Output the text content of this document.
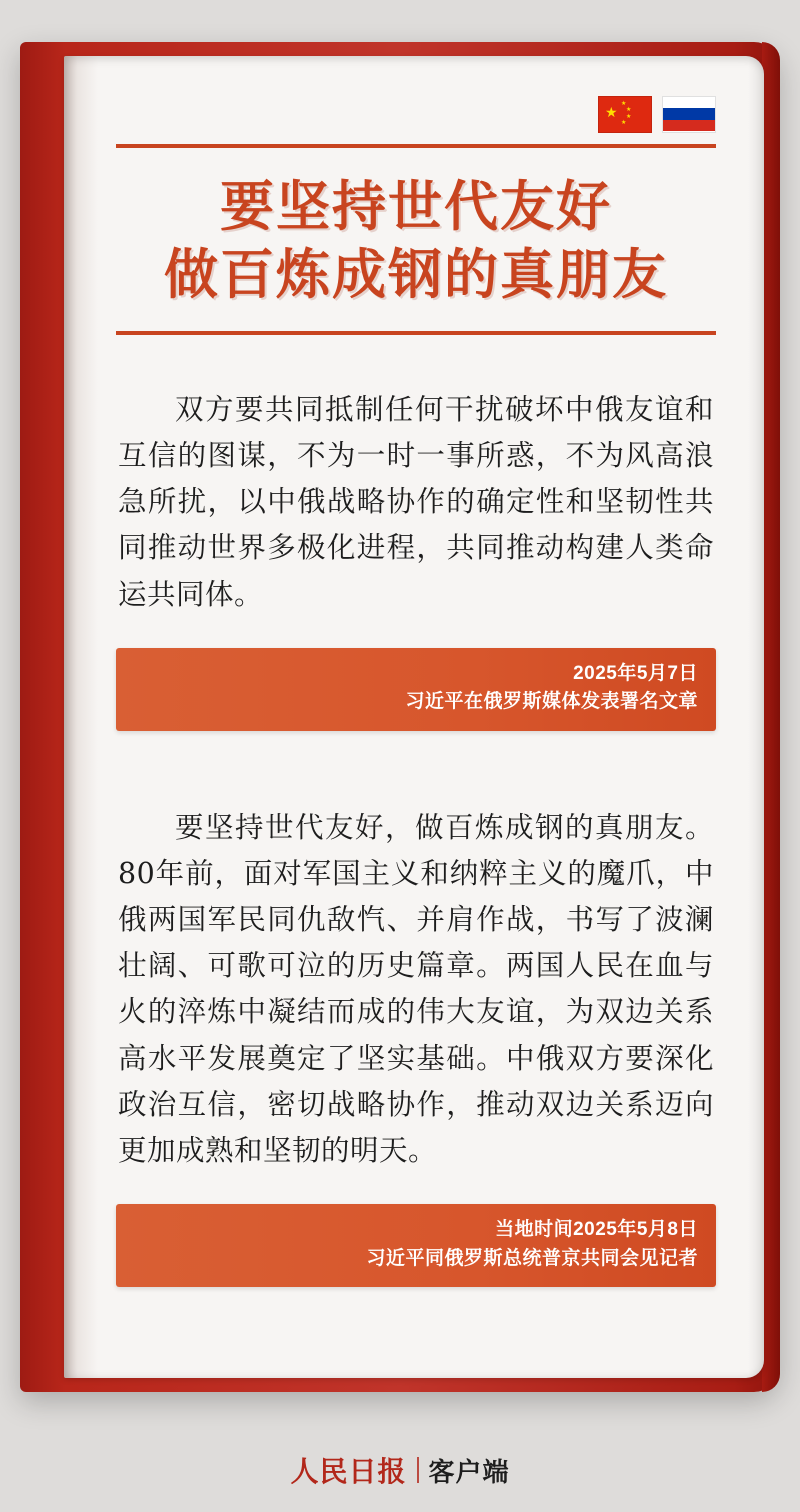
★ ★
★
★
★
要坚持世代友好
做百炼成钢的真朋友
双方要共同抵制任何干扰破坏中俄友谊和互信的图谋，不为一时一事所惑，不为风高浪急所扰，以中俄战略协作的确定性和坚韧性共同推动世界多极化进程，共同推动构建人类命运共同体。
2025年5月7日
习近平在俄罗斯媒体发表署名文章
要坚持世代友好，做百炼成钢的真朋友。80年前，面对军国主义和纳粹主义的魔爪，中俄两国军民同仇敌忾、并肩作战，书写了波澜壮阔、可歌可泣的历史篇章。两国人民在血与火的淬炼中凝结而成的伟大友谊，为双边关系高水平发展奠定了坚实基础。中俄双方要深化政治互信，密切战略协作，推动双边关系迈向更加成熟和坚韧的明天。
当地时间2025年5月8日
习近平同俄罗斯总统普京共同会见记者
人民日报 客户端
